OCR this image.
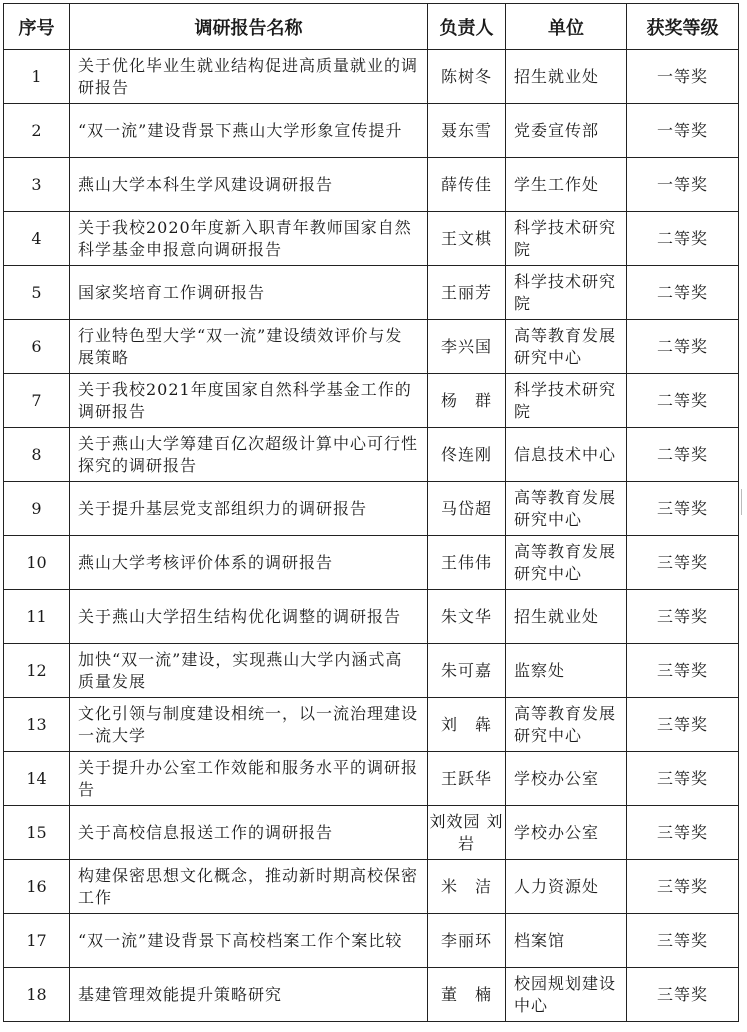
序号	调研报告名称	负责人	单位	获奖等级
1	关于优化毕业生就业结构促进高质量就业的调研报告	陈树冬	招生就业处	一等奖
2	“双一流”建设背景下燕山大学形象宣传提升	聂东雪	党委宣传部	一等奖
3	燕山大学本科生学风建设调研报告	薛传佳	学生工作处	一等奖
4	关于我校2020年度新入职青年教师国家自然科学基金申报意向调研报告	王文棋	科学技术研究院	二等奖
5	国家奖培育工作调研报告	王丽芳	科学技术研究院	二等奖
6	行业特色型大学“双一流”建设绩效评价与发展策略	李兴国	高等教育发展研究中心	二等奖
7	关于我校2021年度国家自然科学基金工作的调研报告	杨　群	科学技术研究院	二等奖
8	关于燕山大学筹建百亿次超级计算中心可行性探究的调研报告	佟连刚	信息技术中心	二等奖
9	关于提升基层党支部组织力的调研报告	马岱超	高等教育发展研究中心	三等奖
10	燕山大学考核评价体系的调研报告	王伟伟	高等教育发展研究中心	三等奖
11	关于燕山大学招生结构优化调整的调研报告	朱文华	招生就业处	三等奖
12	加快“双一流”建设，实现燕山大学内涵式高质量发展	朱可嘉	监察处	三等奖
13	文化引领与制度建设相统一，以一流治理建设一流大学	刘　犇	高等教育发展研究中心	三等奖
14	关于提升办公室工作效能和服务水平的调研报告	王跃华	学校办公室	三等奖
15	关于高校信息报送工作的调研报告	刘效园 刘　岩	学校办公室	三等奖
16	构建保密思想文化概念，推动新时期高校保密工作	米　洁	人力资源处	三等奖
17	“双一流”建设背景下高校档案工作个案比较	李丽环	档案馆	三等奖
18	基建管理效能提升策略研究	董　楠	校园规划建设中心	三等奖
